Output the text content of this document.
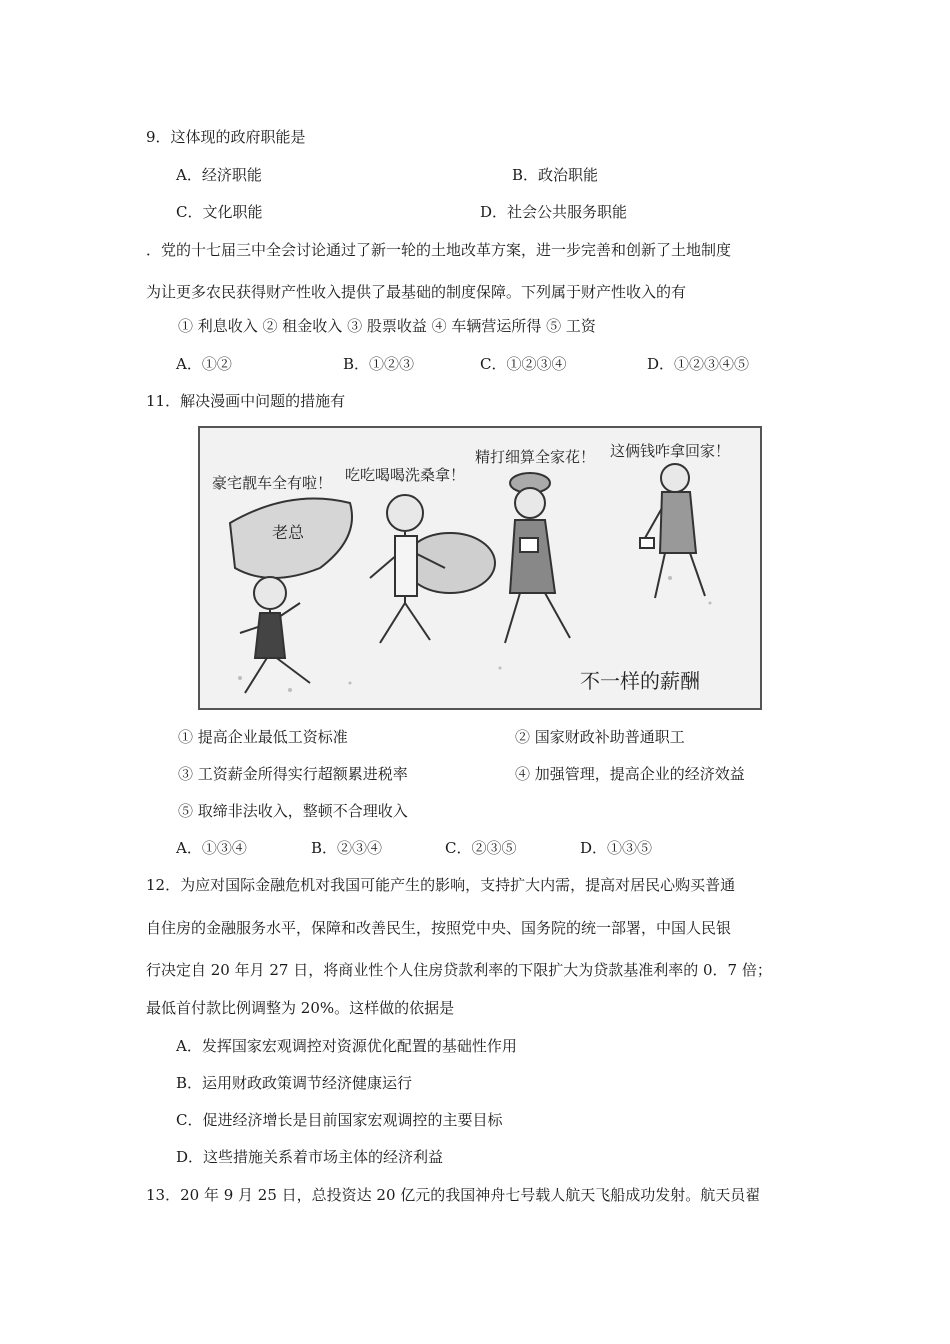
9．这体现的政府职能是
A．经济职能	B．政治职能
C．文化职能	D．社会公共服务职能
．党的十七届三中全会讨论通过了新一轮的土地改革方案，进一步完善和创新了土地制度
为让更多农民获得财产性收入提供了最基础的制度保障。下列属于财产性收入的有
① 利息收入 ② 租金收入 ③ 股票收益 ④ 车辆营运所得 ⑤ 工资
A．①②	B．①②③	C．①②③④	D．①②③④⑤
11．解决漫画中问题的措施有
豪宅靓车全有啦！ 吃吃喝喝洗桑拿！
精打细算全家花！ 这俩钱咋拿回家！
老总
不一样的薪酬
① 提高企业最低工资标准	② 国家财政补助普通职工
③ 工资薪金所得实行超额累进税率	④ 加强管理，提高企业的经济效益
⑤ 取缔非法收入，整顿不合理收入
A．①③④	B．②③④	C．②③⑤	D．①③⑤
12．为应对国际金融危机对我国可能产生的影响，支持扩大内需，提高对居民心购买普通
自住房的金融服务水平，保障和改善民生，按照党中央、国务院的统一部署，中国人民银
行决定自 20 年月 27 日，将商业性个人住房贷款利率的下限扩大为贷款基准利率的 0．7 倍；
最低首付款比例调整为 20%。这样做的依据是
A．发挥国家宏观调控对资源优化配置的基础性作用
B．运用财政政策调节经济健康运行
C．促进经济增长是目前国家宏观调控的主要目标
D．这些措施关系着市场主体的经济利益
13．20 年 9 月 25 日，总投资达 20 亿元的我国神舟七号载人航天飞船成功发射。航天员翟
